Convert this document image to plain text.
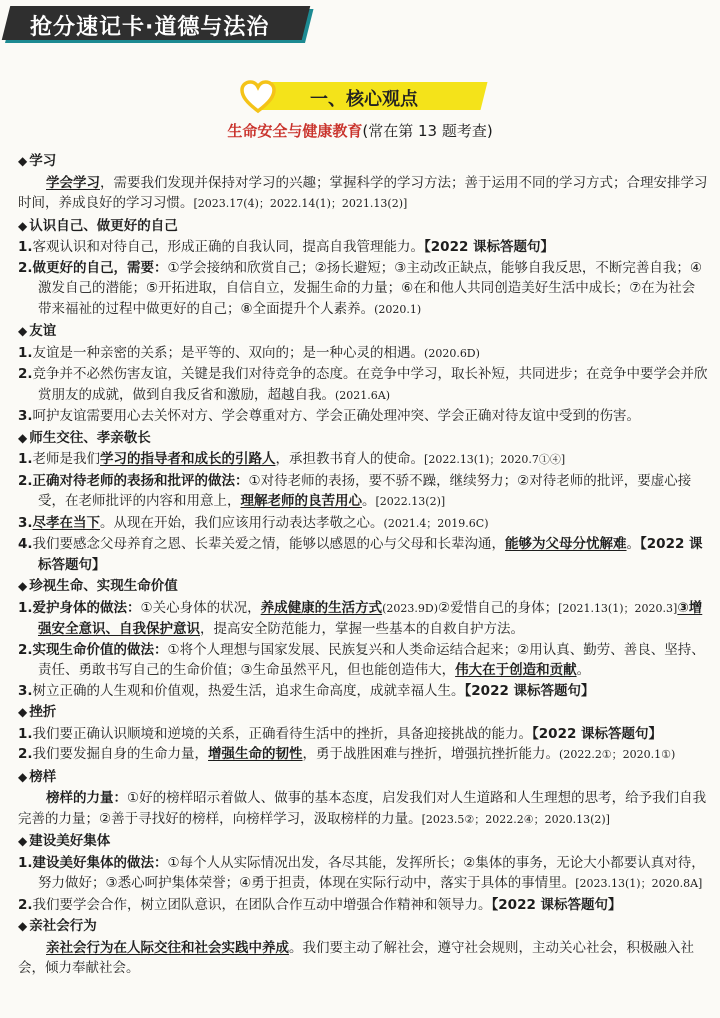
抢分速记卡·道德与法治
一、核心观点
生命安全与健康教育(常在第 13 题考查)
◆ 学习

学会学习，需要我们发现并保持对学习的兴趣；掌握科学的学习方法；善于运用不同的学习方式；合理安排学习时间，养成良好的学习习惯。[2023.17(4)；2022.14(1)；2021.13(2)]

◆ 认识自己、做更好的自己

1.客观认识和对待自己，形成正确的自我认同，提高自我管理能力。【2022 课标答题句】

2.做更好的自己，需要：①学会接纳和欣赏自己；②扬长避短；③主动改正缺点，能够自我反思，不断完善自我；④激发自己的潜能；⑤开拓进取，自信自立，发掘生命的力量；⑥在和他人共同创造美好生活中成长；⑦在为社会带来福祉的过程中做更好的自己；⑧全面提升个人素养。(2020.1)

◆ 友谊

1.友谊是一种亲密的关系；是平等的、双向的；是一种心灵的相遇。(2020.6D)

2.竞争并不必然伤害友谊，关键是我们对待竞争的态度。在竞争中学习，取长补短，共同进步；在竞争中要学会并欣赏朋友的成就，做到自我反省和激励，超越自我。(2021.6A)

3.呵护友谊需要用心去关怀对方、学会尊重对方、学会正确处理冲突、学会正确对待友谊中受到的伤害。

◆ 师生交往、孝亲敬长

1.老师是我们学习的指导者和成长的引路人，承担教书育人的使命。[2022.13(1)；2020.7①④]

2.正确对待老师的表扬和批评的做法：①对待老师的表扬，要不骄不躁，继续努力；②对待老师的批评，要虚心接受，在老师批评的内容和用意上，理解老师的良苦用心。[2022.13(2)]

3.尽孝在当下。从现在开始，我们应该用行动表达孝敬之心。(2021.4；2019.6C)

4.我们要感念父母养育之恩、长辈关爱之情，能够以感恩的心与父母和长辈沟通，能够为父母分忧解难。【2022 课标答题句】

◆ 珍视生命、实现生命价值

1.爱护身体的做法：①关心身体的状况，养成健康的生活方式(2023.9D)②爱惜自己的身体；[2021.13(1)；2020.3]③增强安全意识、自我保护意识，提高安全防范能力，掌握一些基本的自救自护方法。

2.实现生命价值的做法：①将个人理想与国家发展、民族复兴和人类命运结合起来；②用认真、勤劳、善良、坚持、责任、勇敢书写自己的生命价值；③生命虽然平凡，但也能创造伟大，伟大在于创造和贡献。

3.树立正确的人生观和价值观，热爱生活，追求生命高度，成就幸福人生。【2022 课标答题句】

◆ 挫折

1.我们要正确认识顺境和逆境的关系，正确看待生活中的挫折，具备迎接挑战的能力。【2022 课标答题句】

2.我们要发掘自身的生命力量，增强生命的韧性，勇于战胜困难与挫折，增强抗挫折能力。(2022.2①；2020.1①)

◆ 榜样

榜样的力量：①好的榜样昭示着做人、做事的基本态度，启发我们对人生道路和人生理想的思考，给予我们自我完善的力量；②善于寻找好的榜样，向榜样学习，汲取榜样的力量。[2023.5②；2022.2④；2020.13(2)]

◆ 建设美好集体

1.建设美好集体的做法：①每个人从实际情况出发，各尽其能，发挥所长；②集体的事务，无论大小都要认真对待，努力做好；③悉心呵护集体荣誉；④勇于担责，体现在实际行动中，落实于具体的事情里。[2023.13(1)；2020.8A]

2.我们要学会合作，树立团队意识，在团队合作互动中增强合作精神和领导力。【2022 课标答题句】

◆ 亲社会行为

亲社会行为在人际交往和社会实践中养成。我们要主动了解社会，遵守社会规则，主动关心社会，积极融入社会，倾力奉献社会。
